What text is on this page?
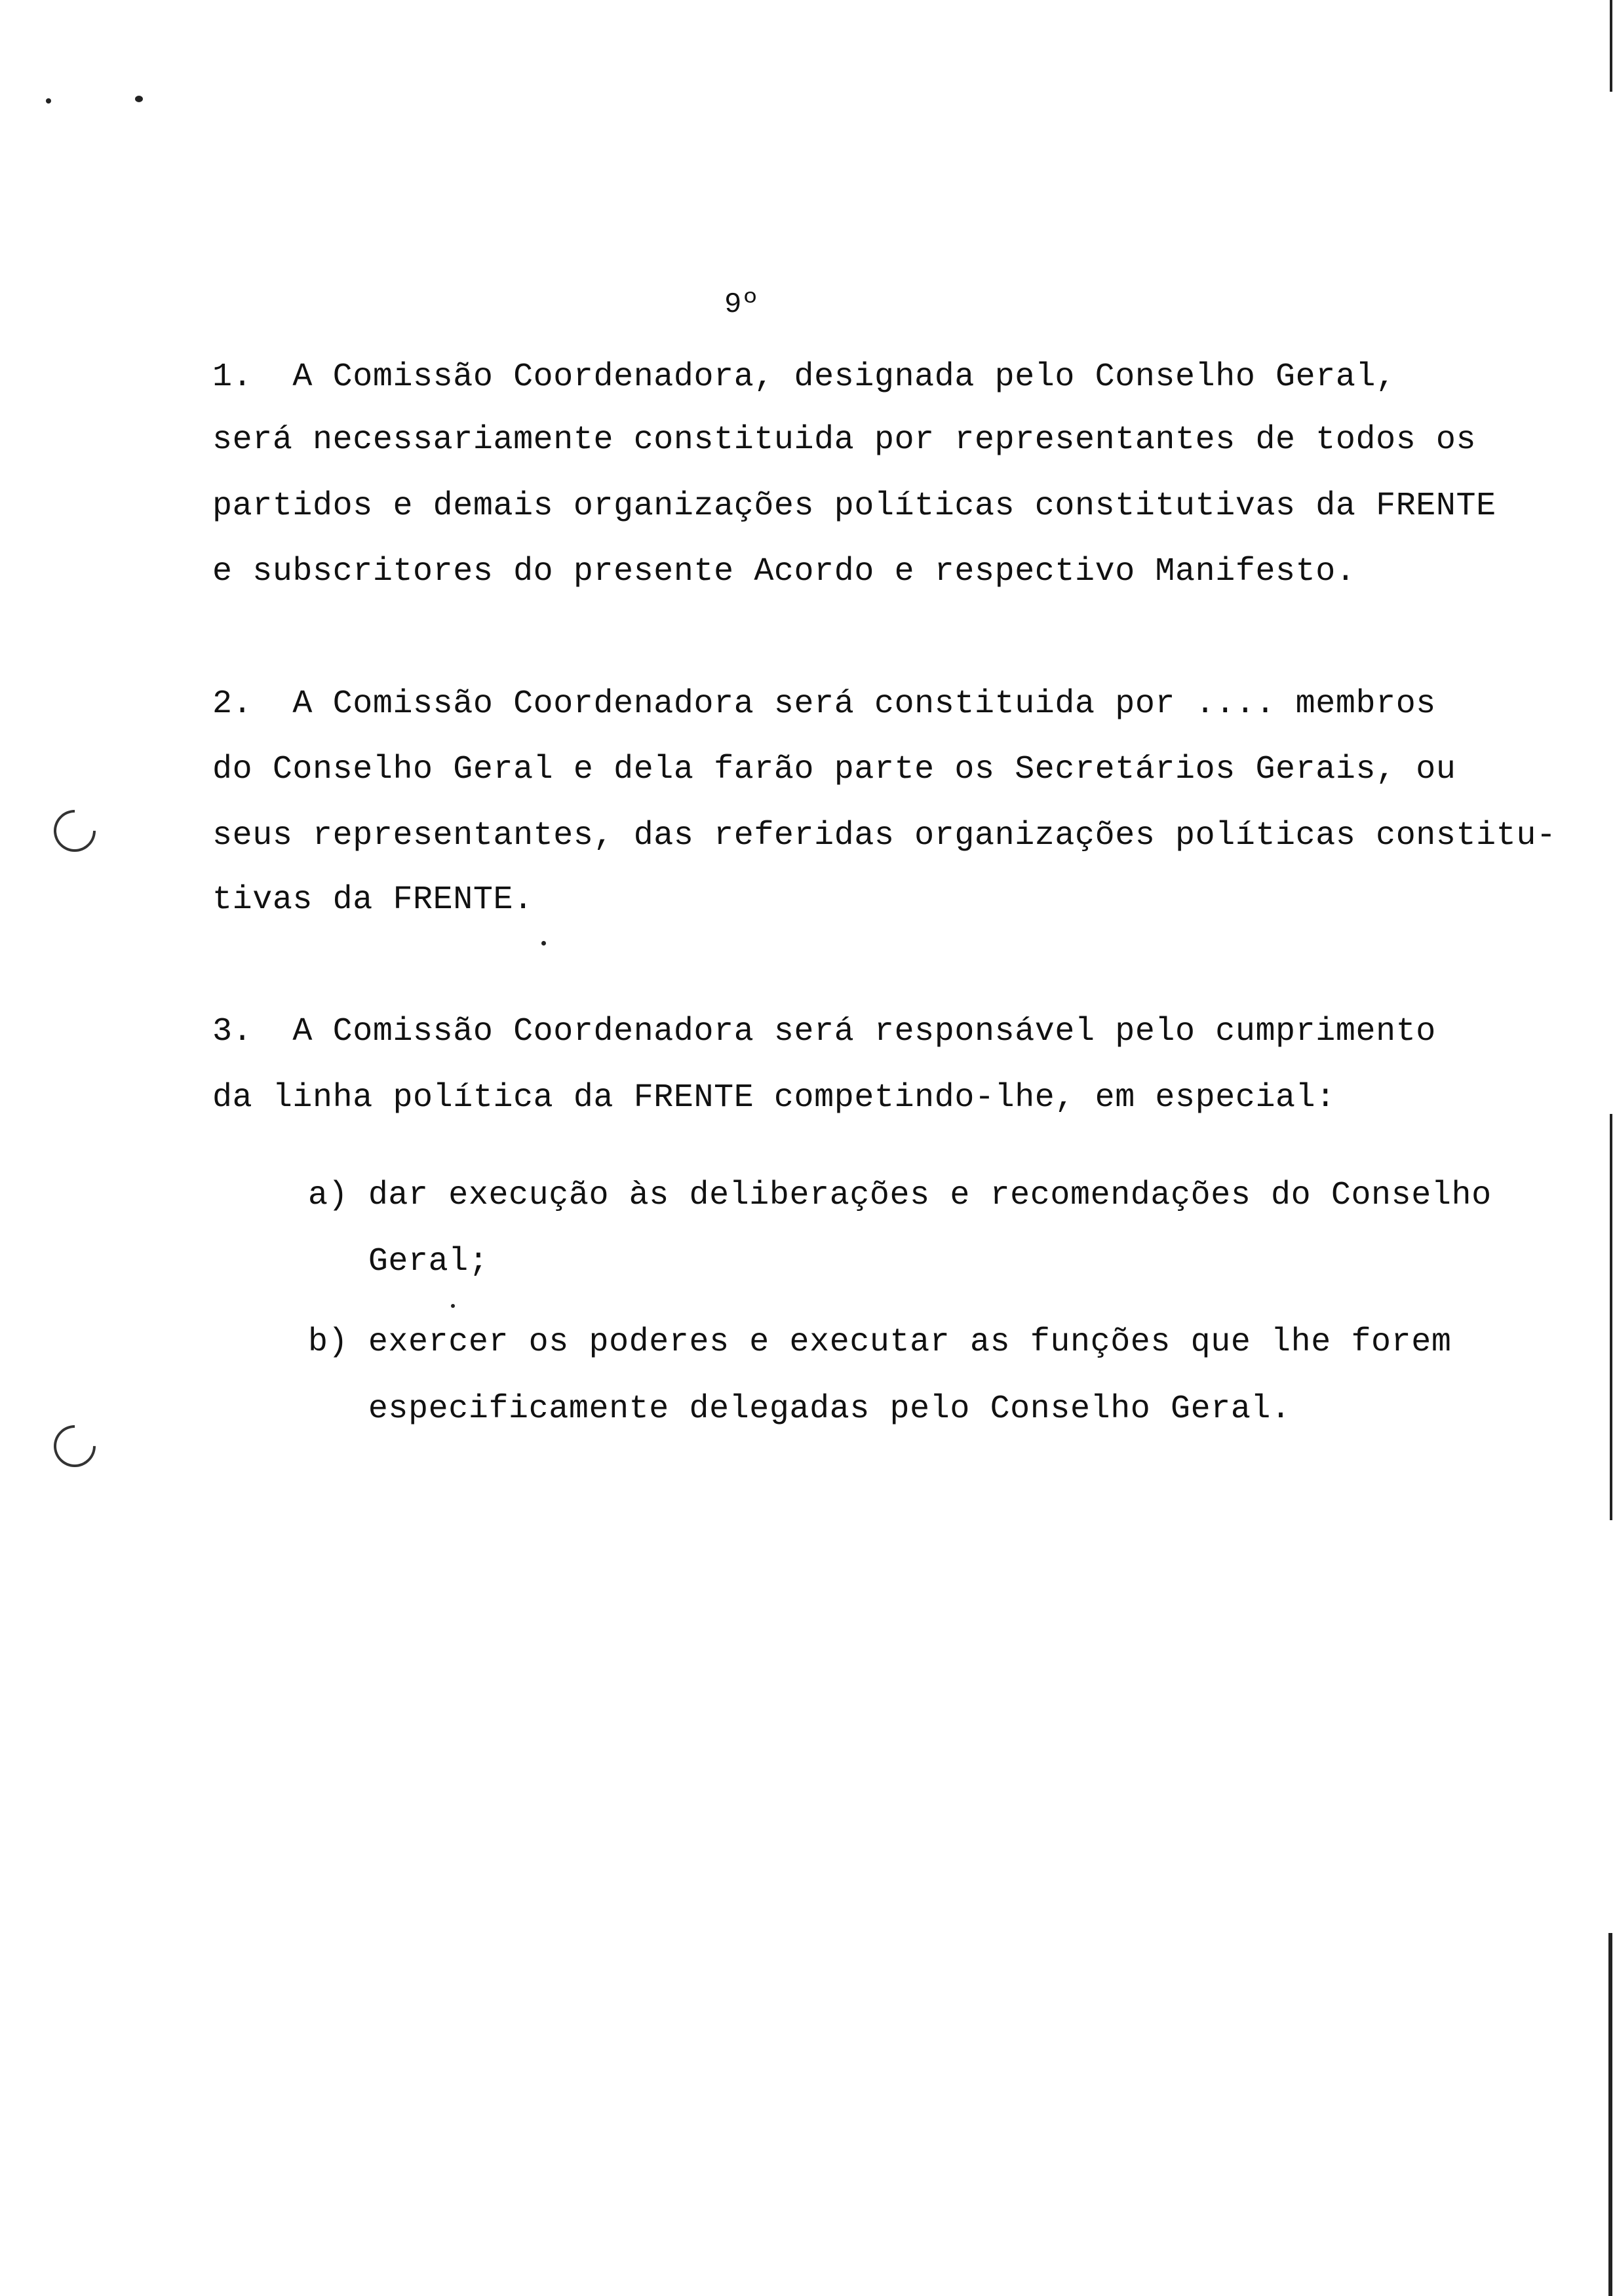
9º
1.  A Comissão Coordenadora, designada pelo Conselho Geral,
será necessariamente constituida por representantes de todos os
partidos e demais organizações políticas constitutivas da FRENTE
e subscritores do presente Acordo e respectivo Manifesto.
2.  A Comissão Coordenadora será constituida por .... membros
do Conselho Geral e dela farão parte os Secretários Gerais, ou
seus representantes, das referidas organizações políticas constitu-
tivas da FRENTE.
3.  A Comissão Coordenadora será responsável pelo cumprimento
da linha política da FRENTE competindo-lhe, em especial:
a) dar execução às deliberações e recomendações do Conselho
Geral;
b) exercer os poderes e executar as funções que lhe forem
especificamente delegadas pelo Conselho Geral.
